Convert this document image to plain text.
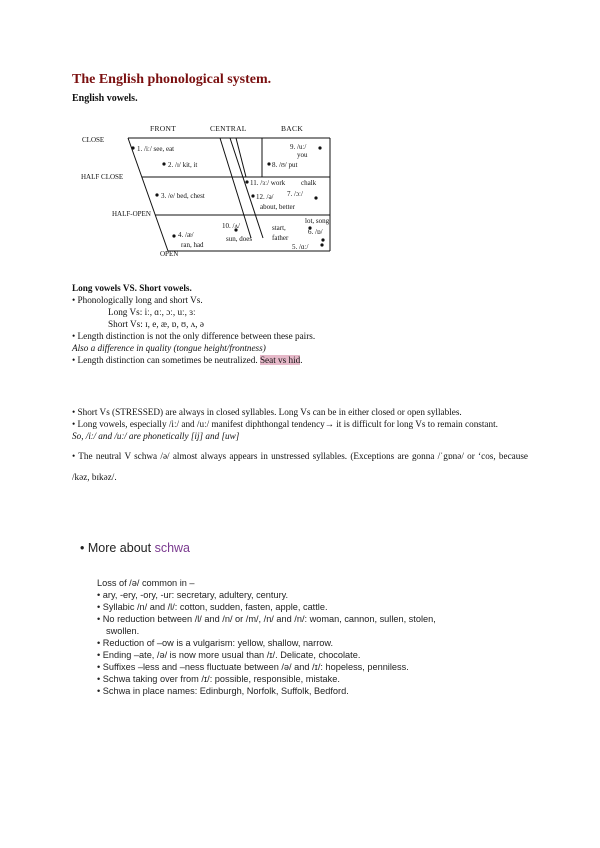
The English phonological system.
English vowels.
FRONT	CENTRAL	BACK
CLOSE
HALF CLOSE
HALF-OPEN
OPEN
1. /iː/ see, eat
2. /ɪ/ kit, it
3. /e/ bed, chest
4. /æ/
ran, had
10. /ʌ/
sun, does
11. /ɜː/ work
12. /ə/
about, better
8. /ʊ/ put
9. /uː/
you
chalk
7. /ɔː/
lot, song
6. /ɒ/
start,
father
5. /ɑː/
Long vowels VS. Short vowels.
• Phonologically long and short Vs.
Long Vs: iː, ɑː, ɔː, uː, ɜː
Short Vs: ɪ, e, æ, ɒ, ʊ, ʌ, ə
• Length distinction is not the only difference between these pairs.
Also a difference in quality (tongue height/frontness)
• Length distinction can sometimes be neutralized. Seat vs hid.
• Short Vs (STRESSED) are always in closed syllables. Long Vs can be in either closed or open syllables.
• Long vowels, especially /iː/ and /uː/ manifest diphthongal tendency→ it is difficult for long Vs to remain constant.
So, /iː/ and /uː/ are phonetically [ij] and [uw]
• The neutral V schwa /ə/ almost always appears in unstressed syllables. (Exceptions are gonna /ˈgɒnə/ or ‘cos, because /kəz, bɪkəz/.
• More about schwa
Loss of /ə/ common in –
• ary, -ery, -ory, -ur: secretary, adultery, century.
• Syllabic /n/ and /l/: cotton, sudden, fasten, apple, cattle.
• No reduction between /l/ and /n/ or /m/, /n/ and /n/: woman, cannon, sullen, stolen, swollen.
• Reduction of –ow is a vulgarism: yellow, shallow, narrow.
• Ending –ate, /ə/ is now more usual than /ɪ/. Delicate, chocolate.
• Suffixes –less and –ness fluctuate between /ə/ and /ɪ/: hopeless, penniless.
• Schwa taking over from /ɪ/: possible, responsible, mistake.
• Schwa in place names: Edinburgh, Norfolk, Suffolk, Bedford.
